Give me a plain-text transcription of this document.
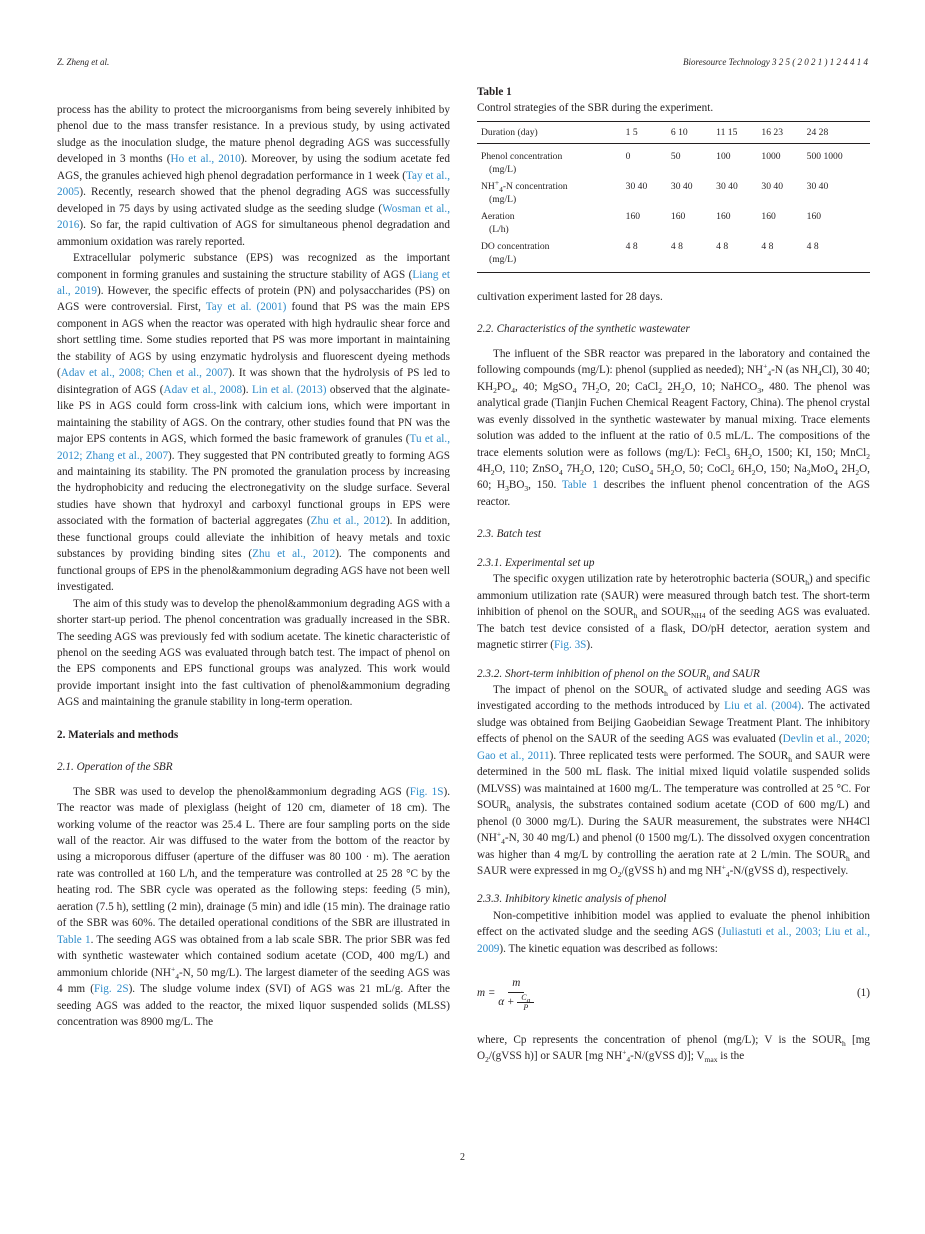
Z. Zheng et al.	Bioresource Technology 3 2 5 ( 2 0 2 1 ) 1 2 4 4 1 4

process has the ability to protect the microorganisms from being severely inhibited by phenol due to the mass transfer resistance. In a previous study, by using activated sludge as the inoculation sludge, the mature phenol degrading AGS was successfully developed in 3 months (Ho et al., 2010). Moreover, by using the sodium acetate fed AGS, the granules achieved high phenol degradation performance in 1 week (Tay et al., 2005). Recently, research showed that the phenol degrading AGS was successfully developed in 75 days by using activated sludge as the seeding sludge (Wosman et al., 2016). So far, the rapid cultivation of AGS for simultaneous phenol degradation and ammonium oxidation was rarely reported.

Extracellular polymeric substance (EPS) was recognized as the important component in forming granules and sustaining the structure stability of AGS (Liang et al., 2019). However, the specific effects of protein (PN) and polysaccharides (PS) on AGS were controversial. First, Tay et al. (2001) found that PS was the main EPS component in AGS when the reactor was operated with high hydraulic shear force and short settling time. Some studies reported that PS was more important in maintaining the stability of AGS by using enzymatic hydrolysis and fluorescent dyeing methods (Adav et al., 2008; Chen et al., 2007). It was shown that the hydrolysis of PS led to disintegration of AGS (Adav et al., 2008). Lin et al. (2013) observed that the alginate-like PS in AGS could form cross-link with calcium ions, which were important in maintaining the stability of AGS. On the contrary, other studies found that PN was the major EPS contents in AGS, which formed the basic framework of granules (Tu et al., 2012; Zhang et al., 2007). They suggested that PN contributed greatly to forming AGS and maintaining its stability. The PN promoted the granulation process by increasing the hydrophobicity and reducing the electronegativity on the sludge surface. Several studies have shown that hydroxyl and carboxyl functional groups in EPS were associated with the formation of bacterial aggregates (Zhu et al., 2012). In addition, these functional groups could alleviate the inhibition of heavy metals and toxic substances by providing binding sites (Zhu et al., 2012). The components and functional groups of EPS in the phenol&ammonium degrading AGS have not been well investigated.

The aim of this study was to develop the phenol&ammonium degrading AGS with a shorter start-up period. The phenol concentration was gradually increased in the SBR. The seeding AGS was previously fed with sodium acetate. The kinetic characteristic of phenol on the seeding AGS was evaluated through batch test. The impact of phenol on the EPS components and EPS functional groups was analyzed. This work would provide important insight into the fast cultivation of phenol&ammonium degrading AGS and maintaining the granule stability in long-term operation.

2. Materials and methods
2.1. Operation of the SBR

The SBR was used to develop the phenol&ammonium degrading AGS (Fig. 1S). The reactor was made of plexiglass (height of 120 cm, diameter of 18 cm). The working volume of the reactor was 25.4 L. There are four sampling ports on the side wall of the reactor. Air was diffused to the water from the bottom of the reactor by using a microporous diffuser (aperture of the diffuser was 80 100 · m). The aeration rate was controlled at 160 L/h, and the temperature was controlled at 25 28 °C by the heating rod. The SBR cycle was operated as the following steps: feeding (5 min), aeration (7.5 h), settling (2 min), drainage (5 min) and idle (15 min). The drainage ratio of the SBR was 60%. The detailed operational conditions of the SBR are illustrated in Table 1. The seeding AGS was obtained from a lab scale SBR. The prior SBR was fed with synthetic wastewater which contained sodium acetate (COD, 400 mg/L) and ammonium chloride ($NH^+_4-N$, 50 mg/L). The largest diameter of the seeding AGS was 4 mm (Fig. 2S). The sludge volume index (SVI) of AGS was 21 mL/g. After the seeding AGS was added to the reactor, the mixed liquor suspended solids (MLSS) concentration was 8900 mg/L. The

Table 1
Control strategies of the SBR during the experiment.
Duration (day)	1 5	6 10	11 15	16 23	24 28
Phenol concentration
(mg/L)	0	50	100	1000	500 1000
$NH^+_4-N$ concentration
(mg/L)	30 40	30 40	30 40	30 40	30 40
Aeration
(L/h)	160	160	160	160	160
DO concentration
(mg/L)	4 8	4 8	4 8	4 8	4 8

cultivation experiment lasted for 28 days.

2.2. Characteristics of the synthetic wastewater

The influent of the SBR reactor was prepared in the laboratory and contained the following compounds (mg/L): phenol (supplied as needed); $NH^+_4-N$ (as $NH_4Cl$), 30 40; $KH_2PO_4$, 40; MgSO$_4$ $7H_2O$, 20; CaCl$_2$ $2H_2O$, 10; NaHCO$_3$, 480. The phenol was analytical grade (Tianjin Fuchen Chemical Reagent Factory, China). The phenol crystal was evenly dissolved in the synthetic wastewater by manual mixing. Trace elements solution was added to the influent at the ratio of 0.5 mL/L. The compositions of the trace elements solution were as follows (mg/L): FeCl$_3$ $6H_2O$, 1500; KI, 150; MnCl$_2$ $4H_2O$, 110; ZnSO$_4$ $7H_2O$, 120; CuSO$_4$ $5H_2O$, 50; CoCl$_2$ $6H_2O$, 150; $Na_2MoO_4$ $2H_2O$, 60; $H_3BO_3$, 150. Table 1 describes the influent phenol concentration of the AGS reactor.

2.3. Batch test
2.3.1. Experimental set up

The specific oxygen utilization rate by heterotrophic bacteria $(SOUR_h)$ and specific ammonium utilization rate (SAUR) were measured through batch test. The short-term inhibition of phenol on the $SOUR_h$ and $SOUR_{NH4}$ of the seeding AGS was evaluated. The batch test device consisted of a flask, DO/pH detector, aeration system and magnetic stirrer (Fig. 3S).

2.3.2. Short-term inhibition of phenol on the $SOUR_h$ and SAUR

The impact of phenol on the $SOUR_h$ of activated sludge and seeding AGS was investigated according to the methods introduced by Liu et al. (2004). The activated sludge was obtained from Beijing Gaobeidian Sewage Treatment Plant. The inhibitory effects of phenol on the SAUR of the seeding AGS was evaluated (Devlin et al., 2020; Gao et al., 2011). Three replicated tests were performed. The $SOUR_h$ and SAUR were determined in the 500 mL flask. The initial mixed liquid volatile suspended solids (MLVSS) was maintained at 1600 mg/L. The temperature was controlled at 25 °C. For $SOUR_h$ analysis, the substrates contained sodium acetate (COD of 600 mg/L) and phenol (0 3000 mg/L). During the SAUR measurement, the substrates were NH4Cl ($NH^+_4-N$, 30 40 mg/L) and phenol (0 1500 mg/L). The dissolved oxygen concentration was higher than 4 mg/L by controlling the aeration rate at 2 L/min. The $SOUR_h$ and SAUR were expressed in mg $O_2/(gVSS$ h) and mg $NH^+_4-N/(gVSS$ d), respectively.

2.3.3. Inhibitory kinetic analysis of phenol

Non-competitive inhibition model was applied to evaluate the phenol inhibition effect on the activated sludge and the seeding AGS (Juliastuti et al., 2003; Liu et al., 2009). The kinetic equation was described as follows:

$m = \frac{m}{\alpha + \frac{C_a}{P}}$	(1)

where, Cp represents the concentration of phenol (mg/L); V is the $SOUR_h$ [mg $O_2/(gVSS$ h)] or SAUR [mg $NH^+_4-N/(gVSS$ d)]; $V_{max}$ is the

2
